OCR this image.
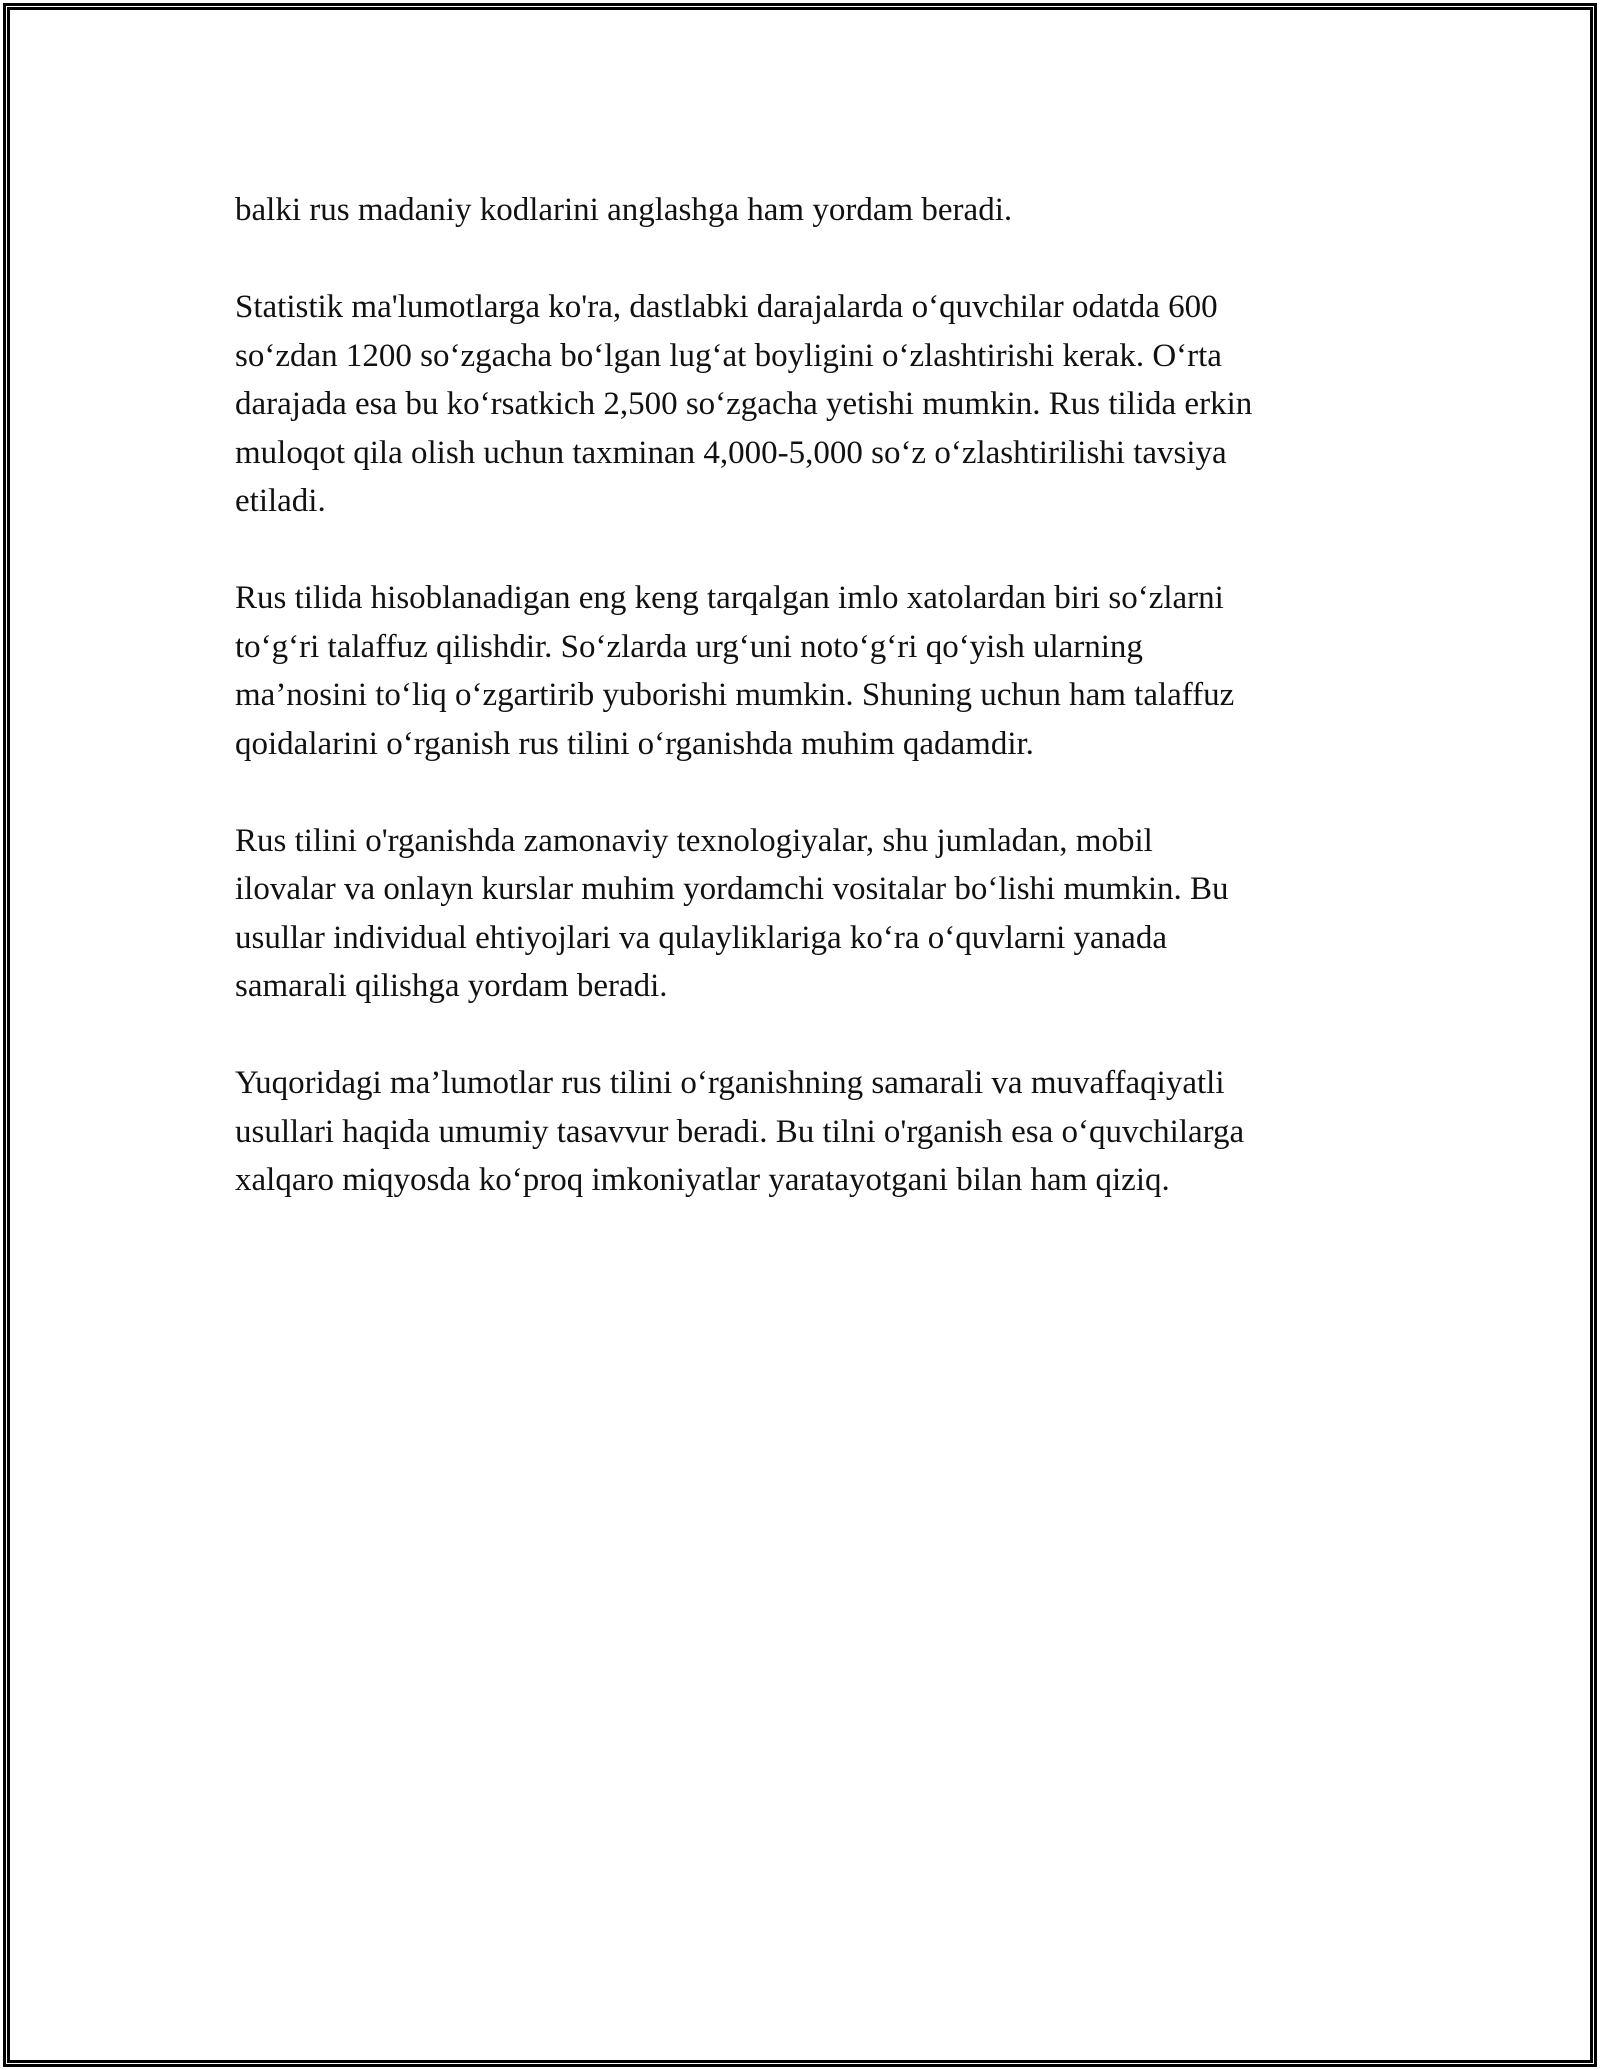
balki rus madaniy kodlarini anglashga ham yordam beradi.

Statistik ma'lumotlarga ko'ra, dastlabki darajalarda o‘quvchilar odatda 600
so‘zdan 1200 so‘zgacha bo‘lgan lug‘at boyligini o‘zlashtirishi kerak. O‘rta
darajada esa bu ko‘rsatkich 2,500 so‘zgacha yetishi mumkin. Rus tilida erkin
muloqot qila olish uchun taxminan 4,000-5,000 so‘z o‘zlashtirilishi tavsiya
etiladi.

Rus tilida hisoblanadigan eng keng tarqalgan imlo xatolardan biri so‘zlarni
to‘g‘ri talaffuz qilishdir. So‘zlarda urg‘uni noto‘g‘ri qo‘yish ularning
ma’nosini to‘liq o‘zgartirib yuborishi mumkin. Shuning uchun ham talaffuz
qoidalarini o‘rganish rus tilini o‘rganishda muhim qadamdir.

Rus tilini o'rganishda zamonaviy texnologiyalar, shu jumladan, mobil
ilovalar va onlayn kurslar muhim yordamchi vositalar bo‘lishi mumkin. Bu
usullar individual ehtiyojlari va qulayliklariga ko‘ra o‘quvlarni yanada
samarali qilishga yordam beradi.

Yuqoridagi ma’lumotlar rus tilini o‘rganishning samarali va muvaffaqiyatli
usullari haqida umumiy tasavvur beradi. Bu tilni o'rganish esa o‘quvchilarga
xalqaro miqyosda ko‘proq imkoniyatlar yaratayotgani bilan ham qiziq.
